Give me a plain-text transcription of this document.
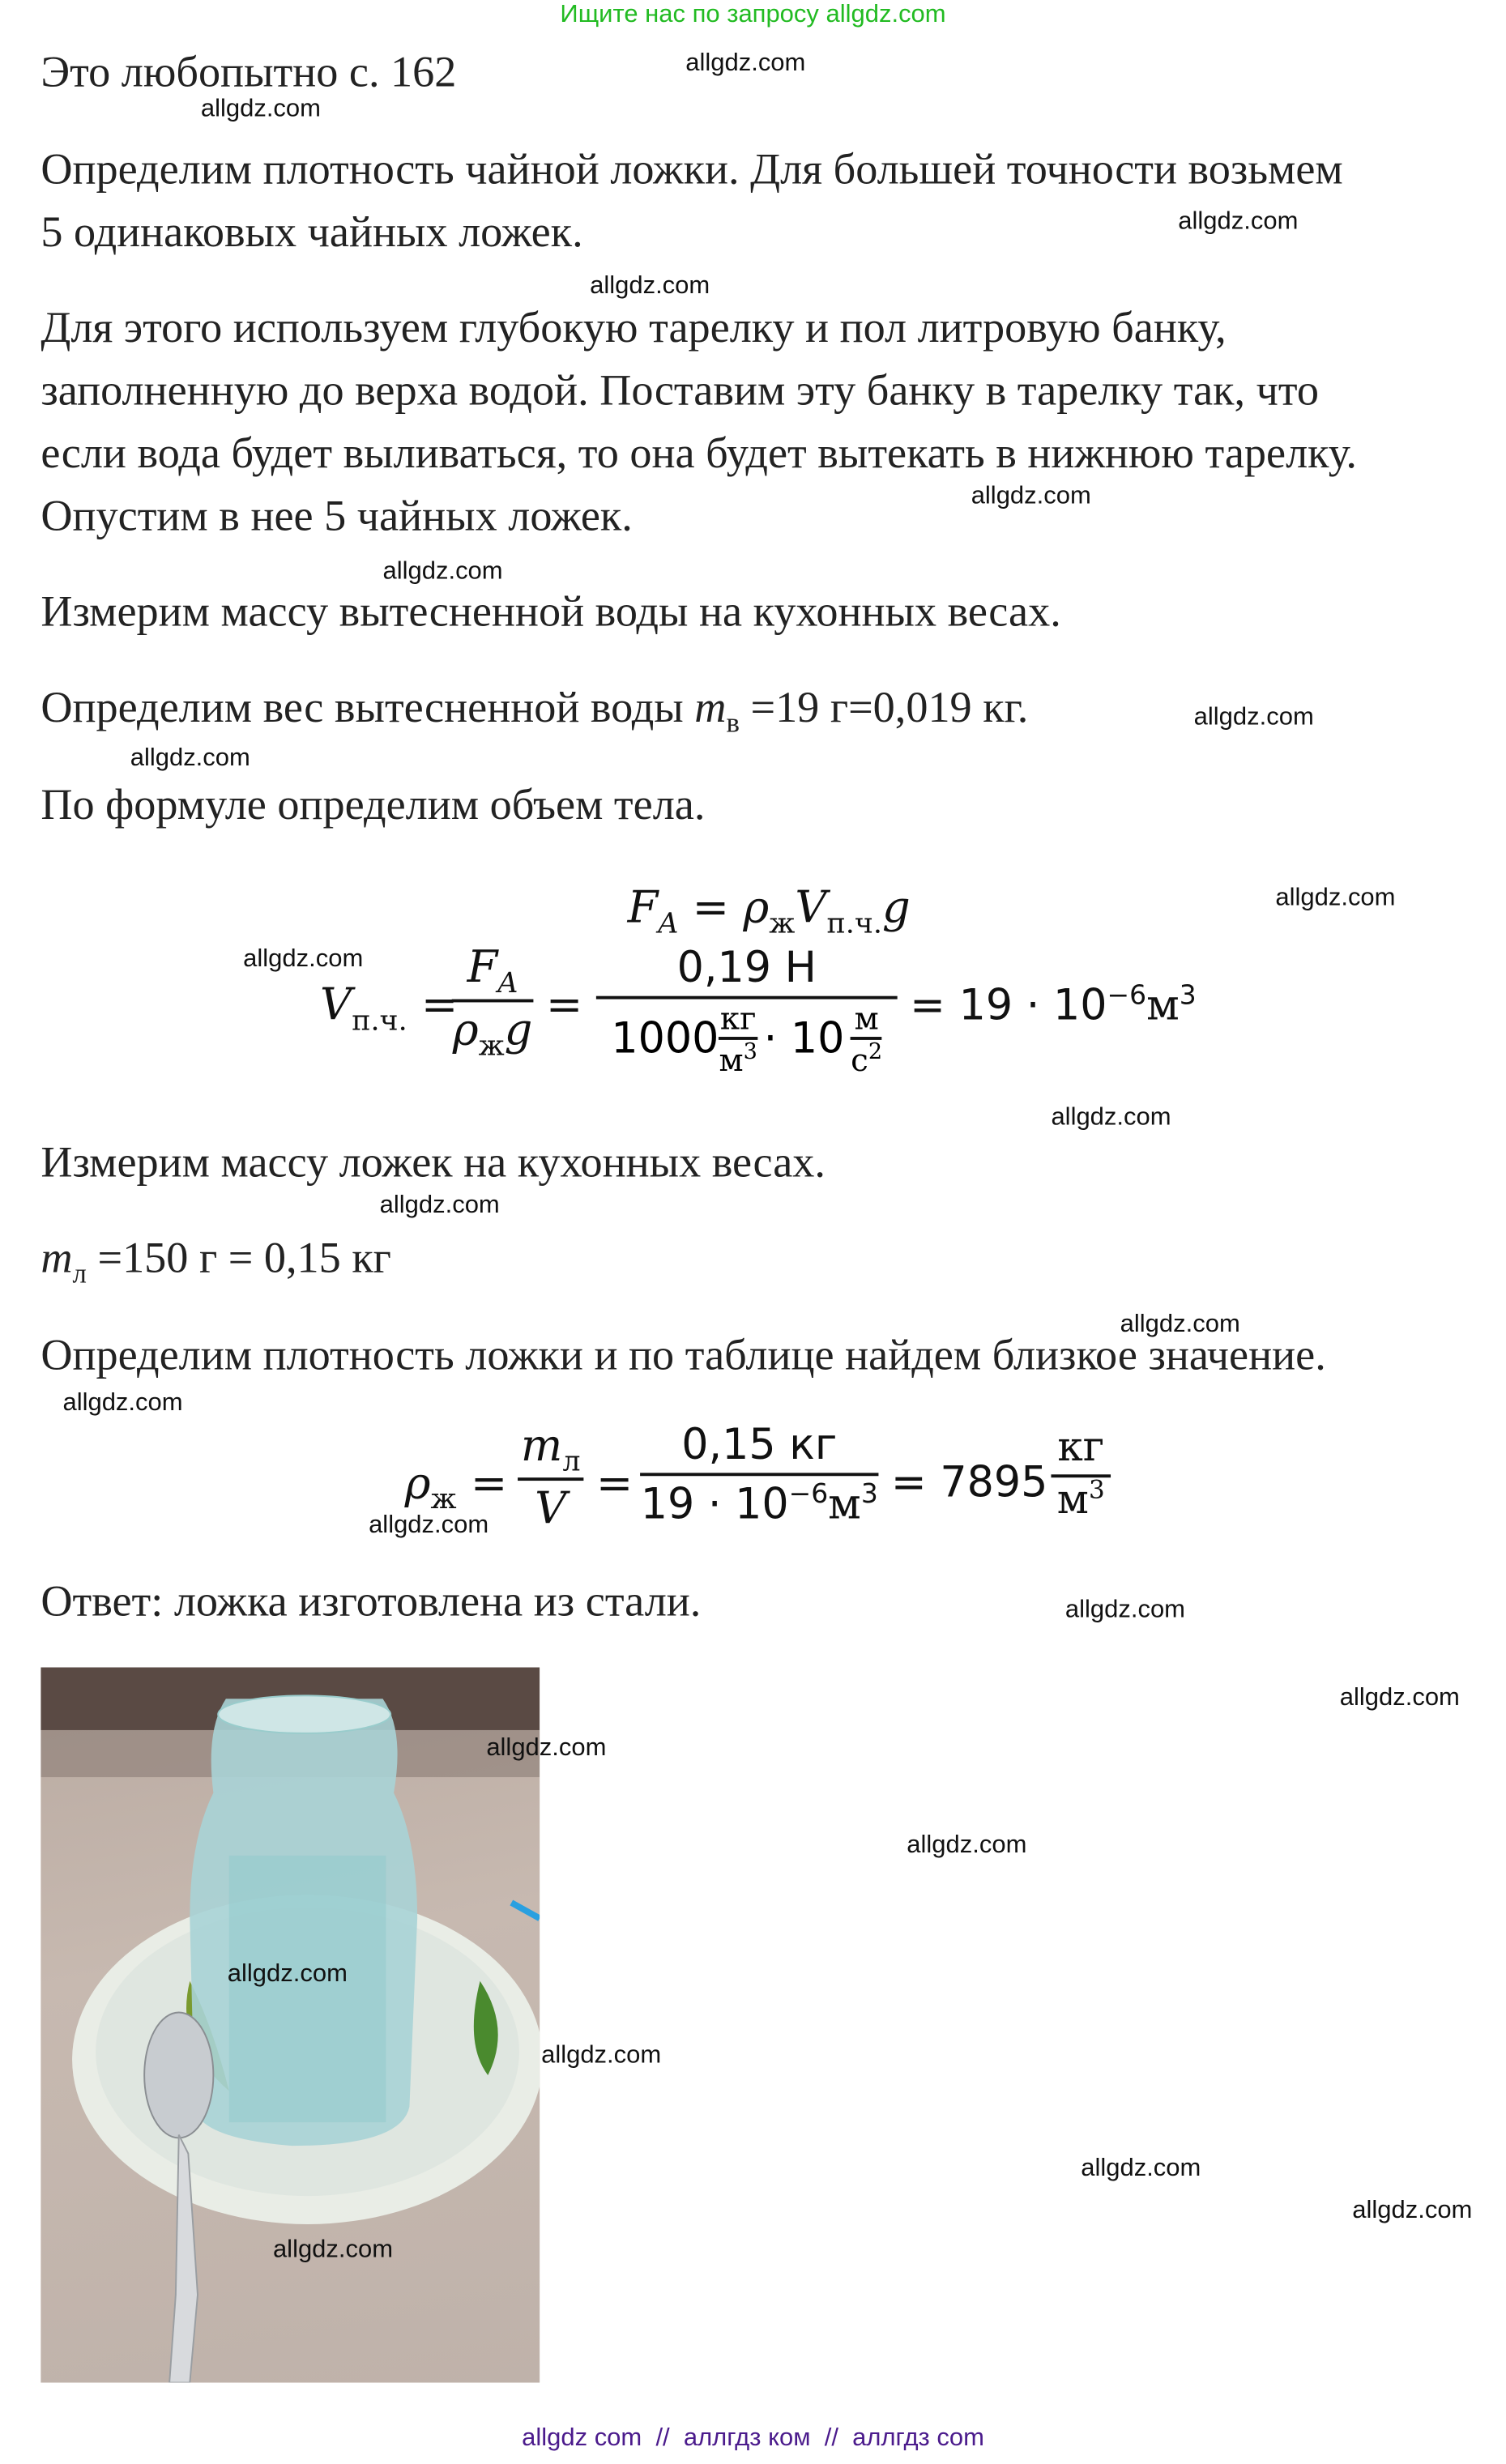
Ищите нас по запросу allgdz.com
Это любопытно с. 162
Определим плотность чайной ложки. Для большей точности возьмем
5 одинаковых чайных ложек.
Для этого используем глубокую тарелку и пол литровую банку,
заполненную до верха водой. Поставим эту банку в тарелку так, что
если вода будет выливаться, то она будет вытекать в нижнюю тарелку.
Опустим в нее 5 чайных ложек.
Измерим массу вытесненной воды на кухонных весах.
Определим вес вытесненной воды $m_в =19$ г=0,019 кг.
По формуле определим объем тела.
$F_A = \rho_жV_{п.ч.}g$
$V_{п.ч.}$ =
$F_A$
$\rho_жg$ =
0,19 Н
1000 кг
$м^3 \cdot 10$ м
$с^2$
= $19 \cdot 10^{-6}м^3$
Измерим массу ложек на кухонных весах.
$m_л =150$ г = 0,15 кг
Определим плотность ложки и по таблице найдем близкое значение.
$\rho_ж$ =
$m_л$
V =
0,15 кг
$19 \cdot 10^{-6}м^3 = 7895$
кг
$м^3$
Ответ: ложка изготовлена из стали.
allgdz.com
allgdz.com
allgdz.com
allgdz.com
allgdz.com
allgdz.com
allgdz.com
allgdz.com
allgdz.com
allgdz.com
allgdz.com
allgdz.com
allgdz.com
allgdz.com
allgdz.com
allgdz.com
allgdz.com
allgdz.com
allgdz.com
allgdz.com
allgdz.com
allgdz.com
allgdz.com
allgdz.com
allgdz com  //  аллгдз ком  //  аллгдз com
